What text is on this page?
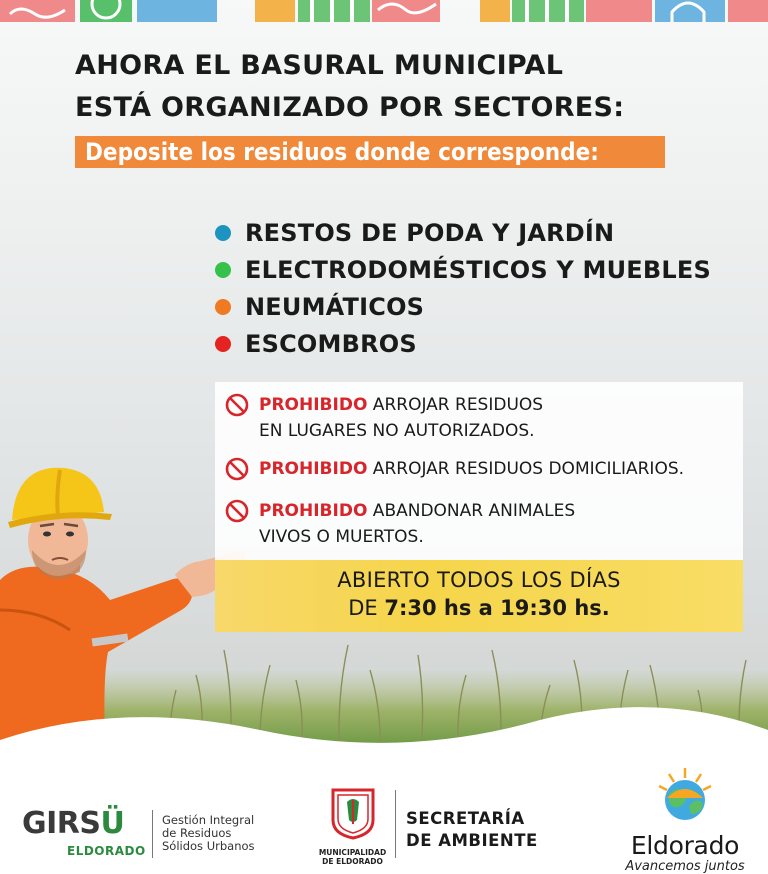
AHORA EL BASURAL MUNICIPAL
ESTÁ ORGANIZADO POR SECTORES:
Deposite los residuos donde corresponde:
RESTOS DE PODA Y JARDÍN
ELECTRODOMÉSTICOS Y MUEBLES
NEUMÁTICOS
ESCOMBROS
PROHIBIDO ARROJAR RESIDUOS
EN LUGARES NO AUTORIZADOS.
PROHIBIDO ARROJAR RESIDUOS DOMICILIARIOS.
PROHIBIDO ABANDONAR ANIMALES
VIVOS O MUERTOS.
ABIERTO TODOS LOS DÍAS
DE 7:30 hs a 19:30 hs.
GIRSÜ
ELDORADO
Gestión Integral
de Residuos
Sólidos Urbanos	MUNICIPALIDAD
DE ELDORADO
SECRETARÍA
DE AMBIENTE	Eldorado
Avancemos juntos
